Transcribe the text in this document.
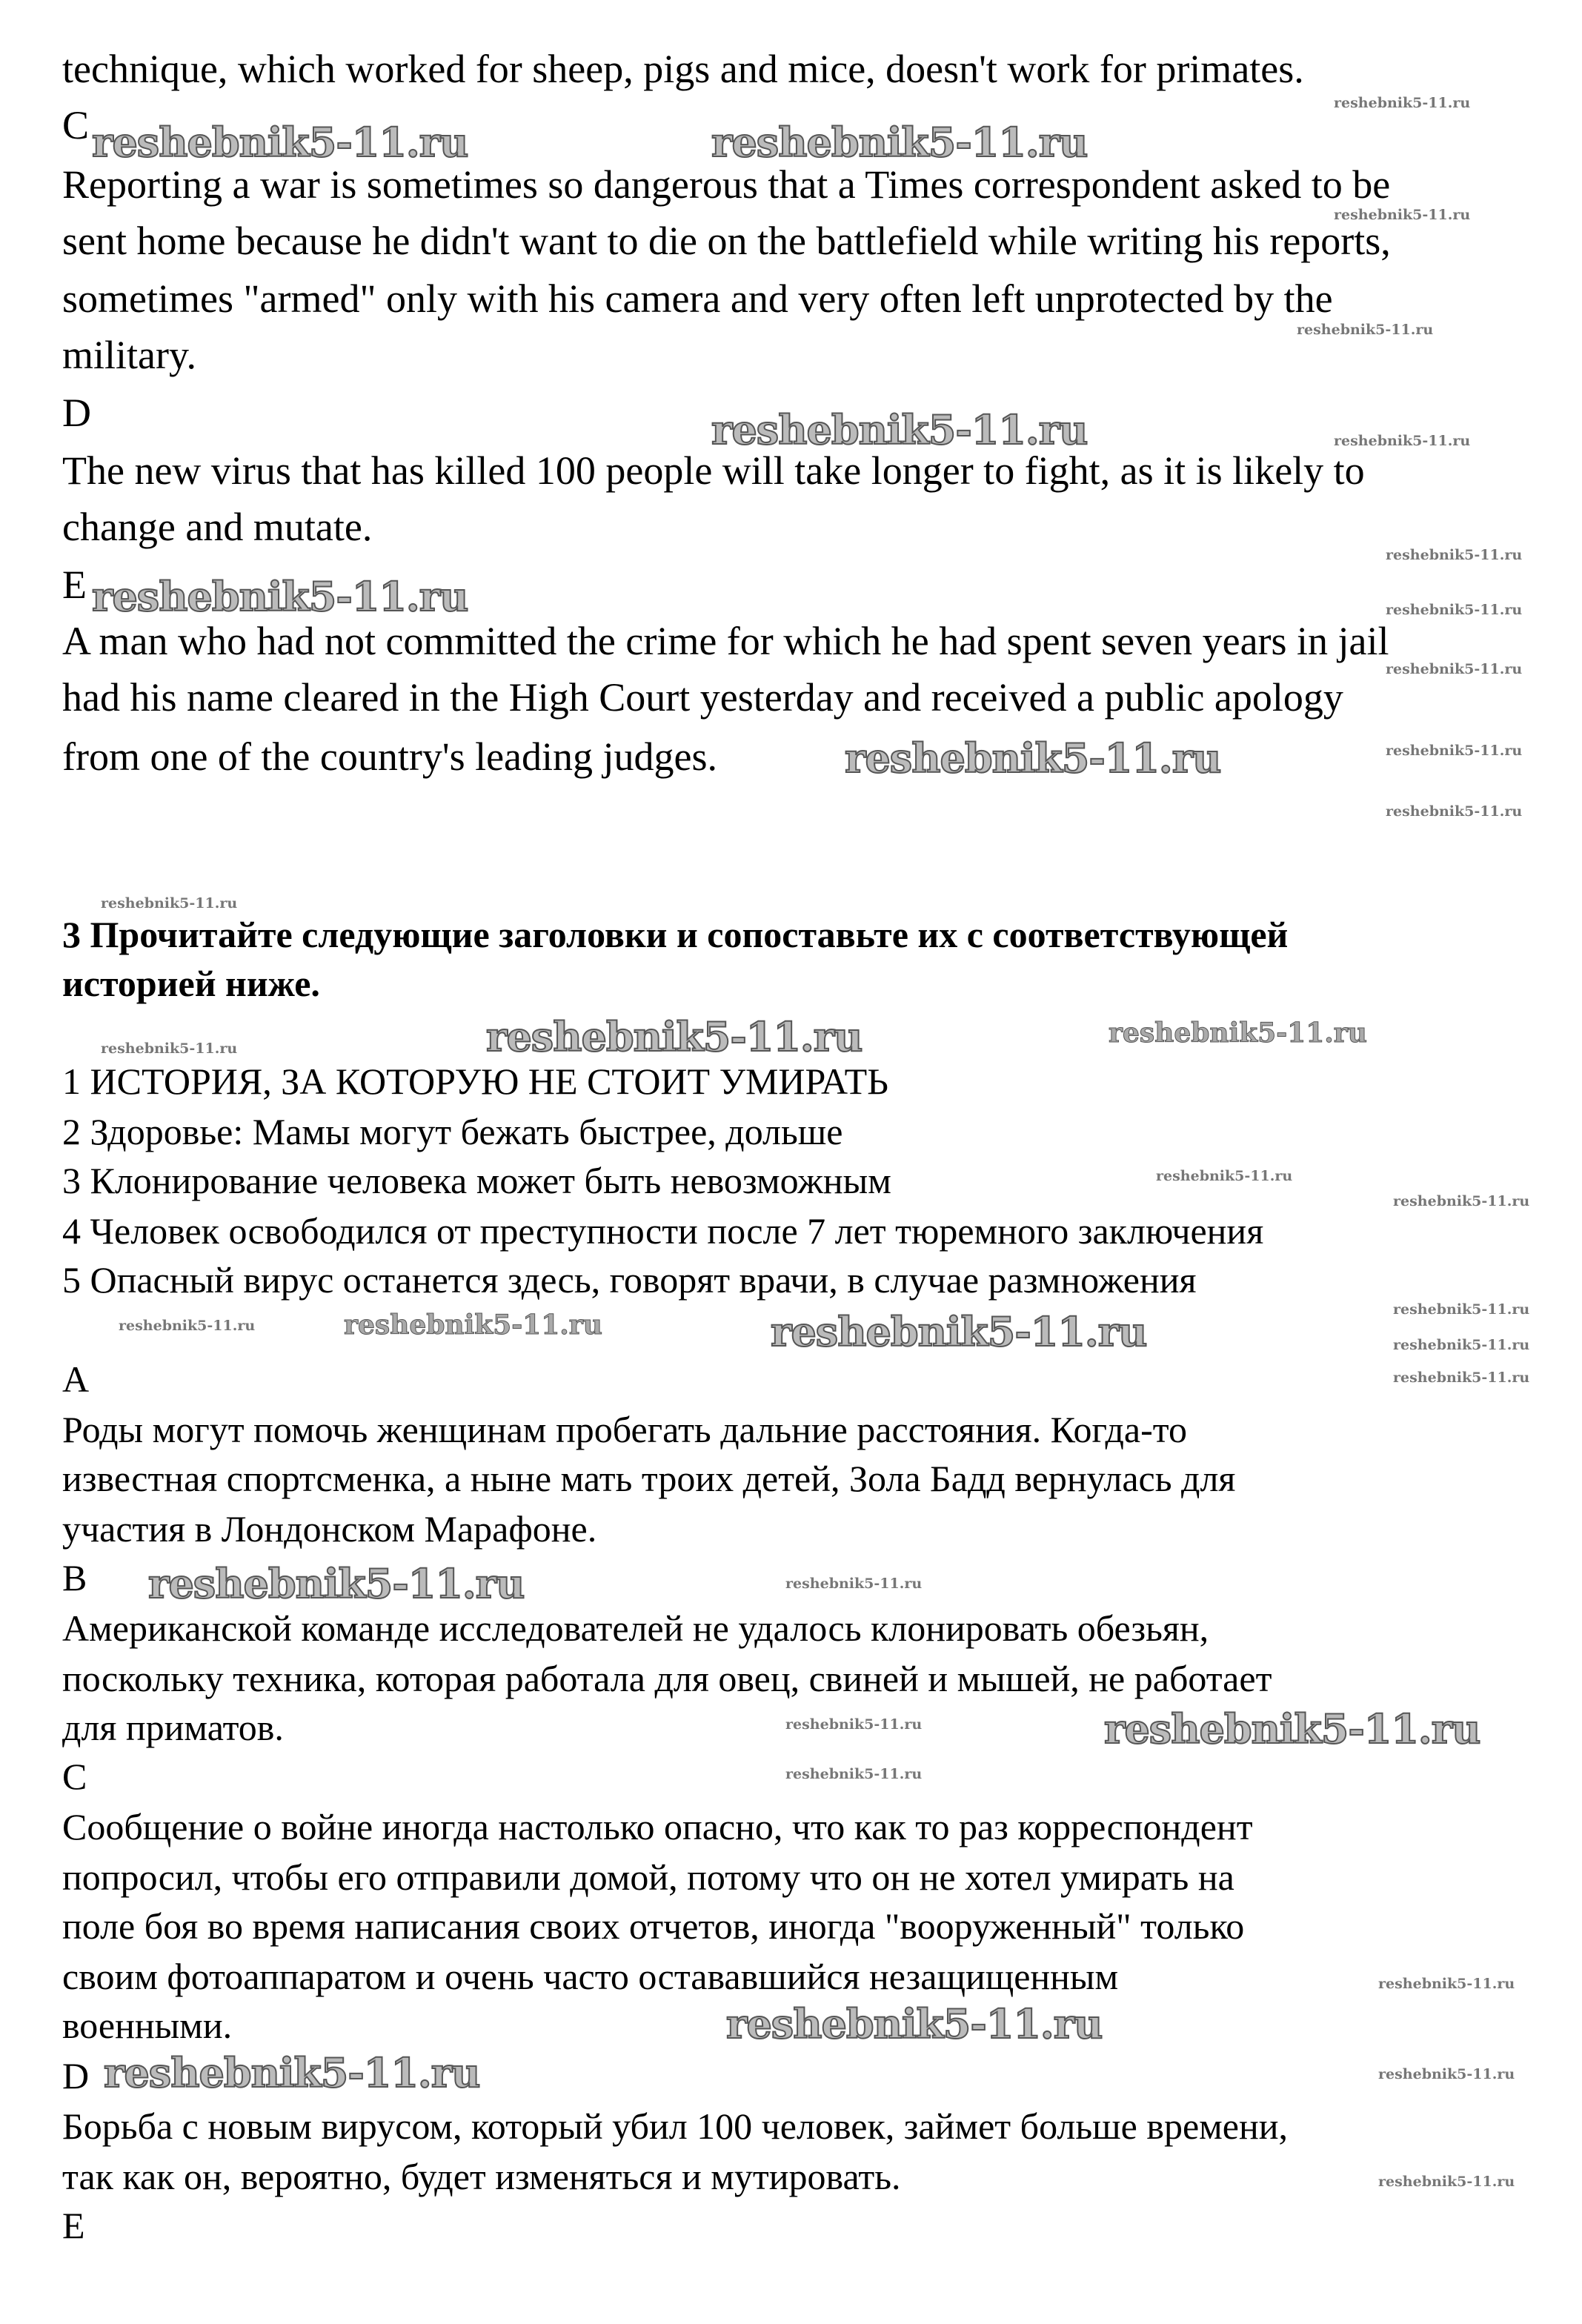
reshebnik5-11.ru	reshebnik5-11.ru
reshebnik5-11.ru
reshebnik5-11.ru
reshebnik5-11.ru
reshebnik5-11.ru
reshebnik5-11.ru
reshebnik5-11.ru
reshebnik5-11.ru
reshebnik5-11.ru
reshebnik5-11.ru
reshebnik5-11.ru
reshebnik5-11.ru
reshebnik5-11.ru
reshebnik5-11.ru
reshebnik5-11.ru
reshebnik5-11.ru
reshebnik5-11.ru
reshebnik5-11.ru
reshebnik5-11.ru
reshebnik5-11.ru
reshebnik5-11.ru
reshebnik5-11.ru
reshebnik5-11.ru
reshebnik5-11.ru
reshebnik5-11.ru
reshebnik5-11.ru
reshebnik5-11.ru
reshebnik5-11.ru
reshebnik5-11.ru
reshebnik5-11.ru
reshebnik5-11.ru
reshebnik5-11.ru
reshebnik5-11.ru
reshebnik5-11.ru
reshebnik5-11.ru
technique, which worked for sheep, pigs and mice, doesn't work for primates.
C
Reporting a war is sometimes so dangerous that a Times correspondent asked to be
sent home because he didn't want to die on the battlefield while writing his reports,
sometimes "armed" only with his camera and very often left unprotected by the
military.
D
The new virus that has killed 100 people will take longer to fight, as it is likely to
change and mutate.
E
A man who had not committed the crime for which he had spent seven years in jail
had his name cleared in the High Court yesterday and received a public apology
from one of the country's leading judges.
3 Прочитайте следующие заголовки и сопоставьте их с соответствующей
историей ниже.
1 ИСТОРИЯ, ЗА КОТОРУЮ НЕ СТОИТ УМИРАТЬ
2 Здоровье: Мамы могут бежать быстрее, дольше
3 Клонирование человека может быть невозможным
4 Человек освободился от преступности после 7 лет тюремного заключения
5 Опасный вирус останется здесь, говорят врачи, в случае размножения
A
Роды могут помочь женщинам пробегать дальние расстояния. Когда-то
известная спортсменка, а ныне мать троих детей, Зола Бадд вернулась для
участия в Лондонском Марафоне.
B
Американской команде исследователей не удалось клонировать обезьян,
поскольку техника, которая работала для овец, свиней и мышей, не работает
для приматов.
C
Сообщение о войне иногда настолько опасно, что как то раз корреспондент
попросил, чтобы его отправили домой, потому что он не хотел умирать на
поле боя во время написания своих отчетов, иногда "вооруженный" только
своим фотоаппаратом и очень часто остававшийся незащищенным
военными.
D
Борьба с новым вирусом, который убил 100 человек, займет больше времени,
так как он, вероятно, будет изменяться и мутировать.
E
